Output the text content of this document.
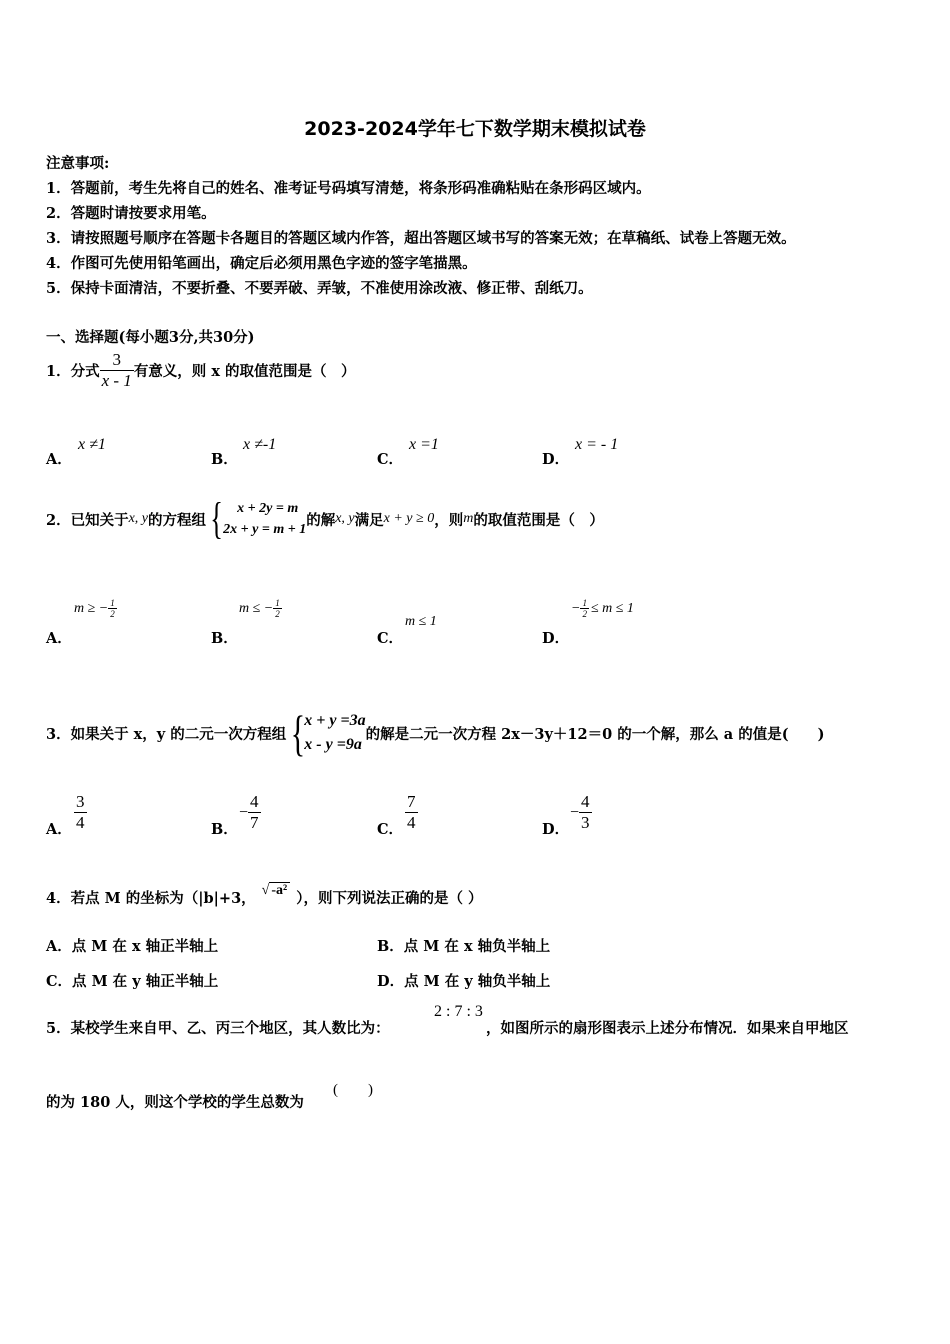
2023-2024学年七下数学期末模拟试卷
注意事项:
1．答题前，考生先将自己的姓名、准考证号码填写清楚，将条形码准确粘贴在条形码区域内。
2．答题时请按要求用笔。
3．请按照题号顺序在答题卡各题目的答题区域内作答，超出答题区域书写的答案无效；在草稿纸、试卷上答题无效。
4．作图可先使用铅笔画出，确定后必须用黑色字迹的签字笔描黑。
5．保持卡面清洁，不要折叠、不要弄破、弄皱，不准使用涂改液、修正带、刮纸刀。
一、选择题(每小题3分,共30分)
1．分式 $\frac{3}{x - 1}$ 有意义，则 x 的取值范围是（　）
A．
x ≠1
B．
x ≠-1
C．
x =1
D．
x = - 1
2．已知关于 x, y 的方程组 {	x + 2y = m
2x + y = m + 1
的解 x, y 满足 x + y ≥ 0 ，则 m 的取值范围是（　）
A．
m ≥ − $\frac{1}{2}$
B．
m ≤ − $\frac{1}{2}$
C．
m ≤ 1
D．
− $\frac{1}{2} \le m \le 1$
3．如果关于 x，y 的二元一次方程组 {
x + y =3a
x - y =9a
的解是二元一次方程 2x－3y＋12＝0 的一个解，那么 a 的值是(　　)
A． $\frac{3}{4}$	B．
− $\frac{4}{7}$	C． $\frac{7}{4}$	D．
− $\frac{4}{3}$
4．若点 M 的坐标为（|b|+3， √ -a² ），则下列说法正确的是（ ）
A．点 M 在 x 轴正半轴上
C．点 M 在 y 轴正半轴上
B．点 M 在 x 轴负半轴上
D．点 M 在 y 轴负半轴上
5．某校学生来自甲、乙、丙三个地区，其人数比为：
2 : 7 : 3
，如图所示的扇形图表示上述分布情况．如果来自甲地区
的为 180 人，则这个学校的学生总数为
(　　)
